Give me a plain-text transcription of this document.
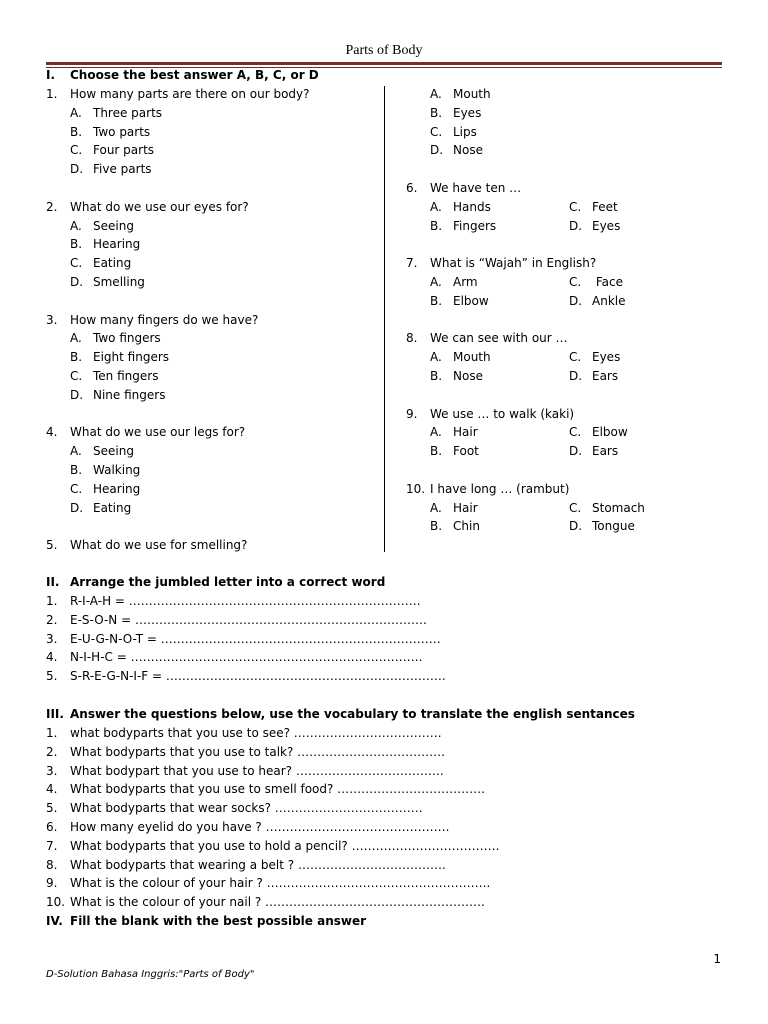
Parts of Body
I. Choose the best answer A, B, C, or D
1. How many parts are there on our body?
A. Three parts
B. Two parts
C. Four parts
D. Five parts
2. What do we use our eyes for?
A. Seeing
B. Hearing
C. Eating
D. Smelling
3. How many fingers do we have?
A. Two fingers
B. Eight fingers
C. Ten fingers
D. Nine fingers
4. What do we use our legs for?
A. Seeing
B. Walking
C. Hearing
D. Eating
5. What do we use for smelling?
A. Mouth
B. Eyes
C. Lips
D. Nose
6. We have ten …
A. Hands	C. Feet
B. Fingers	D. Eyes
7. What is “Wajah” in English?
A. Arm	C. Face
B. Elbow	D. Ankle
8. We can see with our …
A. Mouth	C. Eyes
B. Nose	D. Ears
9. We use … to walk (kaki)
A. Hair	C. Elbow
B. Foot	D. Ears
10. I have long … (rambut)
A. Hair	C. Stomach
B. Chin	D. Tongue
II. Arrange the jumbled letter into a correct word
1. R-I-A-H = ……………………………………………………………….
2. E-S-O-N = ……………………………………………………………….
3. E-U-G-N-O-T = …………………………………………………………….
4. N-I-H-C = ……………………………………………………………….
5. S-R-E-G-N-I-F = …………………………………………………………….
III. Answer the questions below, use the vocabulary to translate the english sentances
1. what bodyparts that you use to see? ……………………………….
2. What bodyparts that you use to talk? ……………………………….
3. What bodypart that you use to hear? ……………………………….
4. What bodyparts that you use to smell food? ……………………………….
5. What bodyparts that wear socks? ……………………………….
6. How many eyelid do you have ? ……………………………………….
7. What bodyparts that you use to hold a pencil? ……………………………….
8. What bodyparts that wearing a belt ? ……………………………….
9. What is the colour of your hair ? ………………………………………………..
10. What is the colour of your nail ? ……………………………………………….
IV. Fill the blank with the best possible answer
1
D-Solution Bahasa Inggris:"Parts of Body"
